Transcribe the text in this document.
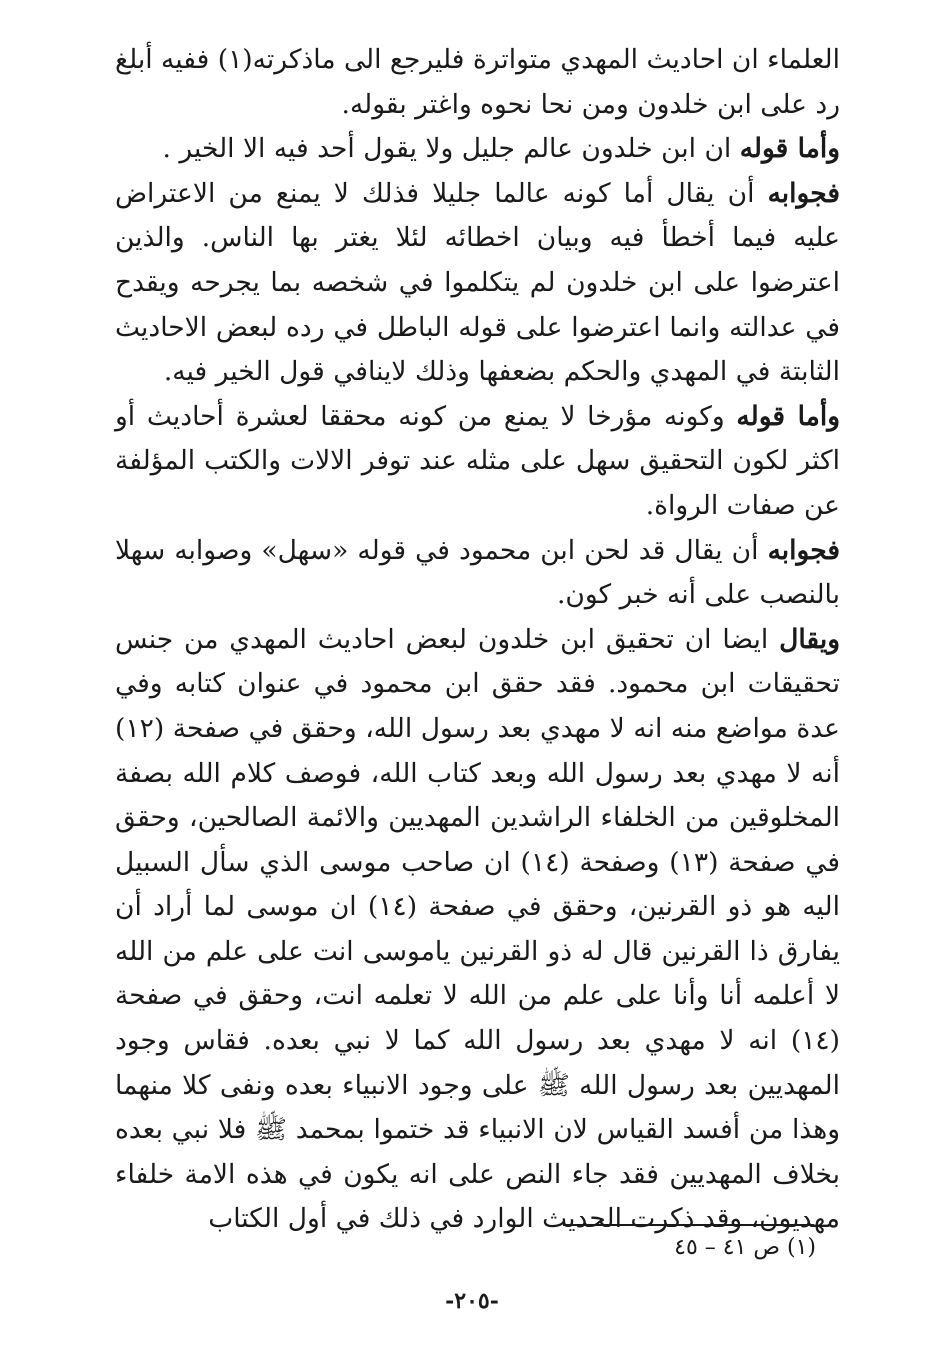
العلماء ان احاديث المهدي متواترة فليرجع الى ماذكرته(١) ففيه أبلغ رد على ابن خلدون ومن نحا نحوه واغتر بقوله.

وأما قوله ان ابن خلدون عالم جليل ولا يقول أحد فيه الا الخير .

فجوابه أن يقال أما كونه عالما جليلا فذلك لا يمنع من الاعتراض عليه فيما أخطأ فيه وبيان اخطائه لئلا يغتر بها الناس. والذين اعترضوا على ابن خلدون لم يتكلموا في شخصه بما يجرحه ويقدح في عدالته وانما اعترضوا على قوله الباطل في رده لبعض الاحاديث الثابتة في المهدي والحكم بضعفها وذلك لاينافي قول الخير فيه.

وأما قوله وكونه مؤرخا لا يمنع من كونه محققا لعشرة أحاديث أو اكثر لكون التحقيق سهل على مثله عند توفر الالات والكتب المؤلفة عن صفات الرواة.

فجوابه أن يقال قد لحن ابن محمود في قوله «سهل» وصوابه سهلا بالنصب على أنه خبر كون.

ويقال ايضا ان تحقيق ابن خلدون لبعض احاديث المهدي من جنس تحقيقات ابن محمود. فقد حقق ابن محمود في عنوان كتابه وفي عدة مواضع منه انه لا مهدي بعد رسول الله، وحقق في صفحة (١٢) أنه لا مهدي بعد رسول الله وبعد كتاب الله، فوصف كلام الله بصفة المخلوقين من الخلفاء الراشدين المهديين والائمة الصالحين، وحقق في صفحة (١٣) وصفحة (١٤) ان صاحب موسى الذي سأل السبيل اليه هو ذو القرنين، وحقق في صفحة (١٤) ان موسى لما أراد أن يفارق ذا القرنين قال له ذو القرنين ياموسى انت على علم من الله لا أعلمه أنا وأنا على علم من الله لا تعلمه انت، وحقق في صفحة (١٤) انه لا مهدي بعد رسول الله كما لا نبي بعده. فقاس وجود المهديين بعد رسول الله ﷺ على وجود الانبياء بعده ونفى كلا منهما وهذا من أفسد القياس لان الانبياء قد ختموا بمحمد ﷺ فلا نبي بعده بخلاف المهديين فقد جاء النص على انه يكون في هذه الامة خلفاء مهديون، وقد ذكرت الحديث الوارد في ذلك في أول الكتاب

(١) ص ٤١ – ٤٥
-٢٠٥-
